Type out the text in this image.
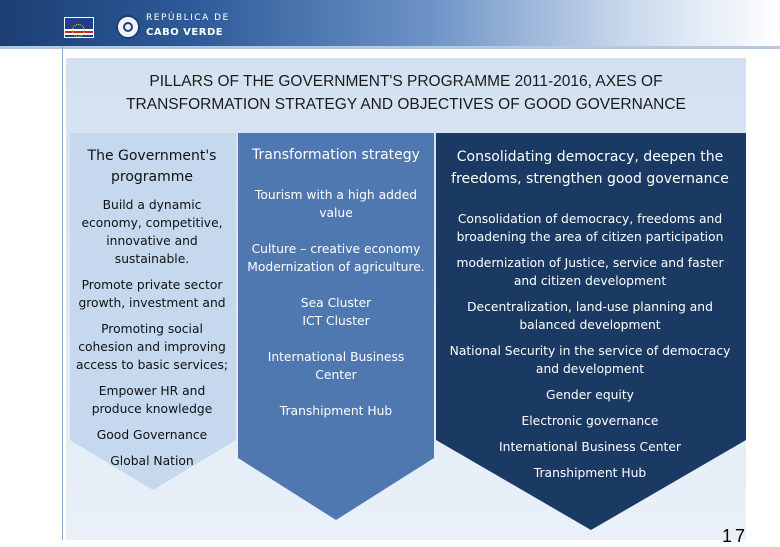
REPÚBLICA DE
CABO VERDE
PILLARS OF THE GOVERNMENT'S PROGRAMME 2011-2016, AXES OF
TRANSFORMATION STRATEGY AND OBJECTIVES OF GOOD GOVERNANCE
The Government's
programme
Build a dynamic
economy, competitive,
innovative and
sustainable.
Promote private sector
growth, investment and
Promoting social
cohesion and improving
access to basic services;
Empower HR and
produce knowledge
Good Governance
Global Nation
Transformation strategy
Tourism with a high added
value
Culture – creative economy
Modernization of agriculture.
Sea Cluster
ICT Cluster
International Business
Center
Transhipment Hub
Consolidating democracy, deepen the
freedoms, strengthen good governance
Consolidation of democracy, freedoms and
broadening the area of citizen participation
modernization of Justice, service and faster
and citizen development
Decentralization, land-use planning and
balanced development
National Security in the service of democracy
and development
Gender equity
Electronic governance
International Business Center
Transhipment Hub
17
